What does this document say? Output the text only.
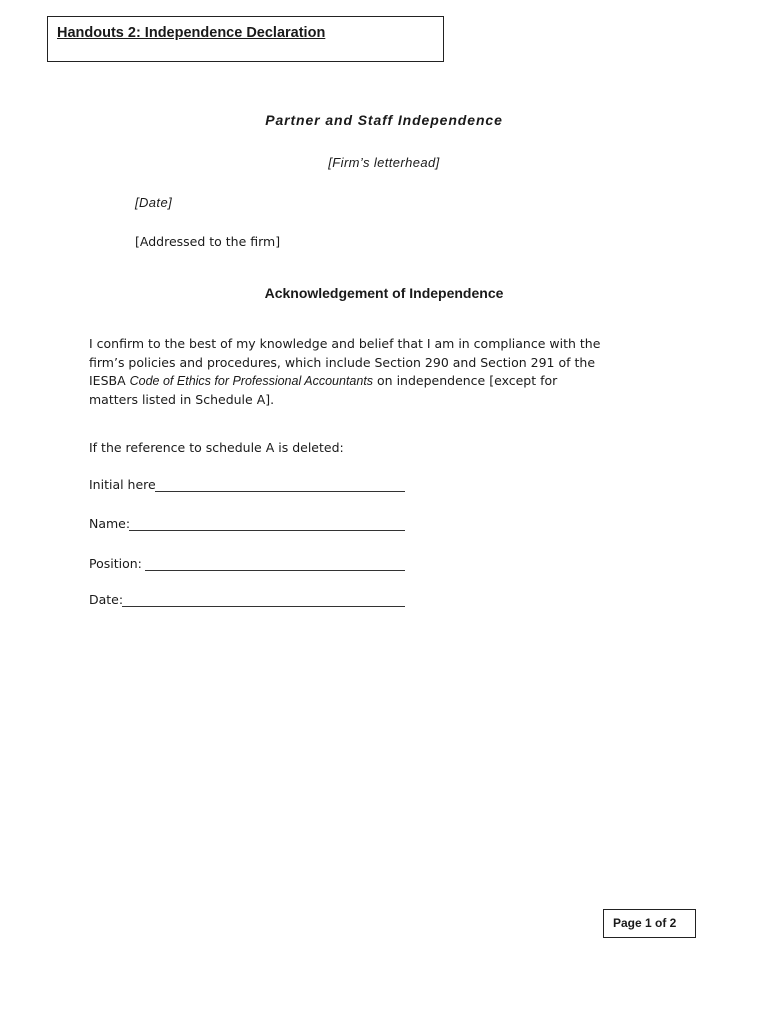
Handouts 2: Independence Declaration
Partner and Staff Independence
[Firm’s letterhead]
[Date]
[Addressed to the firm]
Acknowledgement of Independence
I confirm to the best of my knowledge and belief that I am in compliance with the firm’s policies and procedures, which include Section 290 and Section 291 of the IESBA Code of Ethics for Professional Accountants on independence [except for matters listed in Schedule A].
If the reference to schedule A is deleted:
Initial here
Name:
Position:
Date:
Page 1 of 2
